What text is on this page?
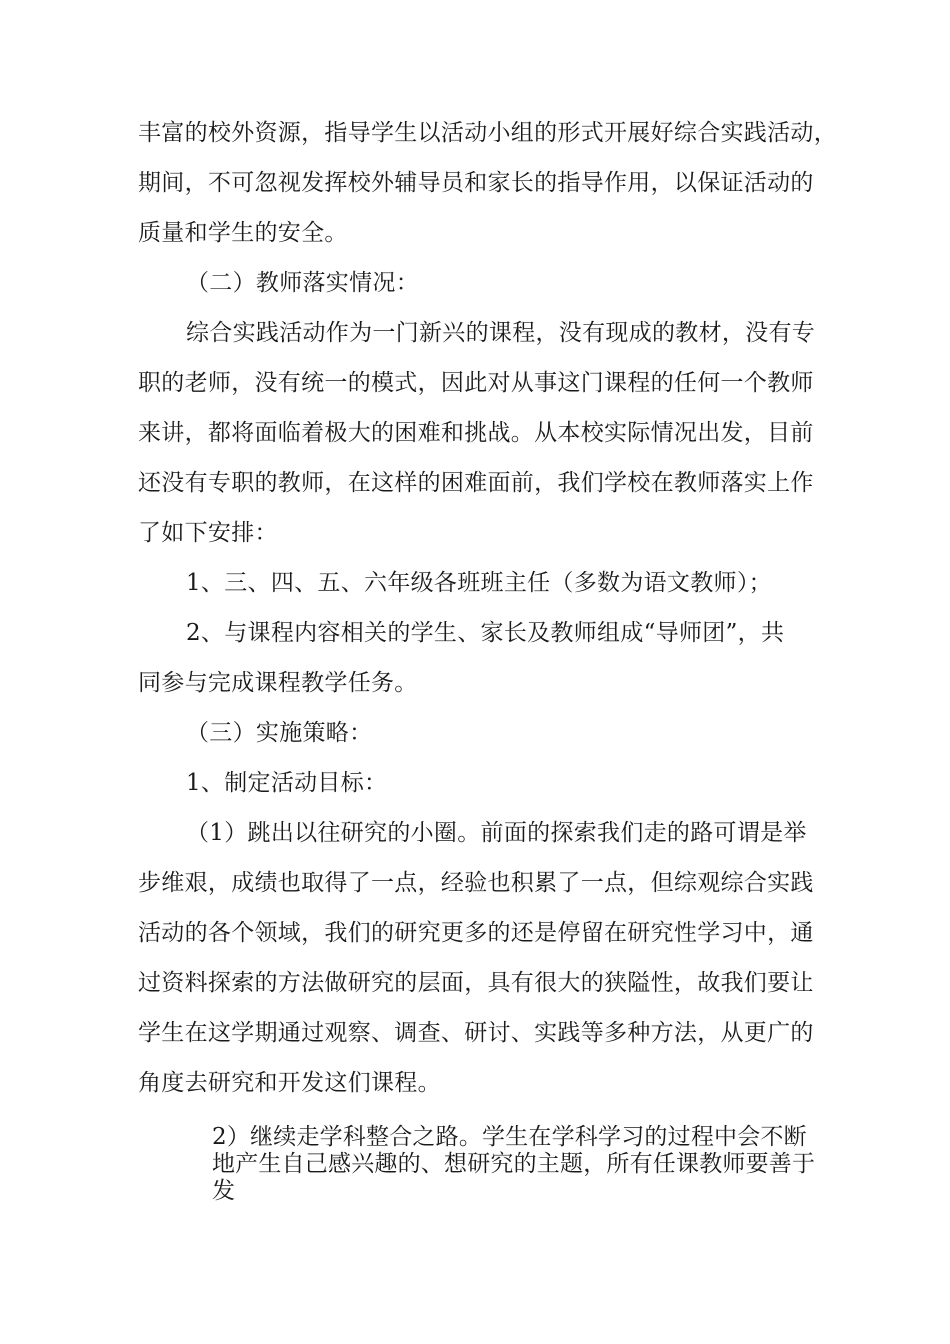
丰富的校外资源，指导学生以活动小组的形式开展好综合实践活动，
期间，不可忽视发挥校外辅导员和家长的指导作用，以保证活动的
质量和学生的安全。
（二）教师落实情况：
综合实践活动作为一门新兴的课程，没有现成的教材，没有专
职的老师，没有统一的模式，因此对从事这门课程的任何一个教师
来讲，都将面临着极大的困难和挑战。从本校实际情况出发，目前
还没有专职的教师，在这样的困难面前，我们学校在教师落实上作
了如下安排：
1、三、四、五、六年级各班班主任（多数为语文教师）；
2、与课程内容相关的学生、家长及教师组成“导师团”，共
同参与完成课程教学任务。
（三）实施策略：
1、制定活动目标：
（1）跳出以往研究的小圈。前面的探索我们走的路可谓是举
步维艰，成绩也取得了一点，经验也积累了一点，但综观综合实践
活动的各个领域，我们的研究更多的还是停留在研究性学习中，通
过资料探索的方法做研究的层面，具有很大的狭隘性，故我们要让
学生在这学期通过观察、调查、研讨、实践等多种方法，从更广的
角度去研究和开发这们课程。
2）继续走学科整合之路。学生在学科学习的过程中会不断
地产生自己感兴趣的、想研究的主题，所有任课教师要善于
发
